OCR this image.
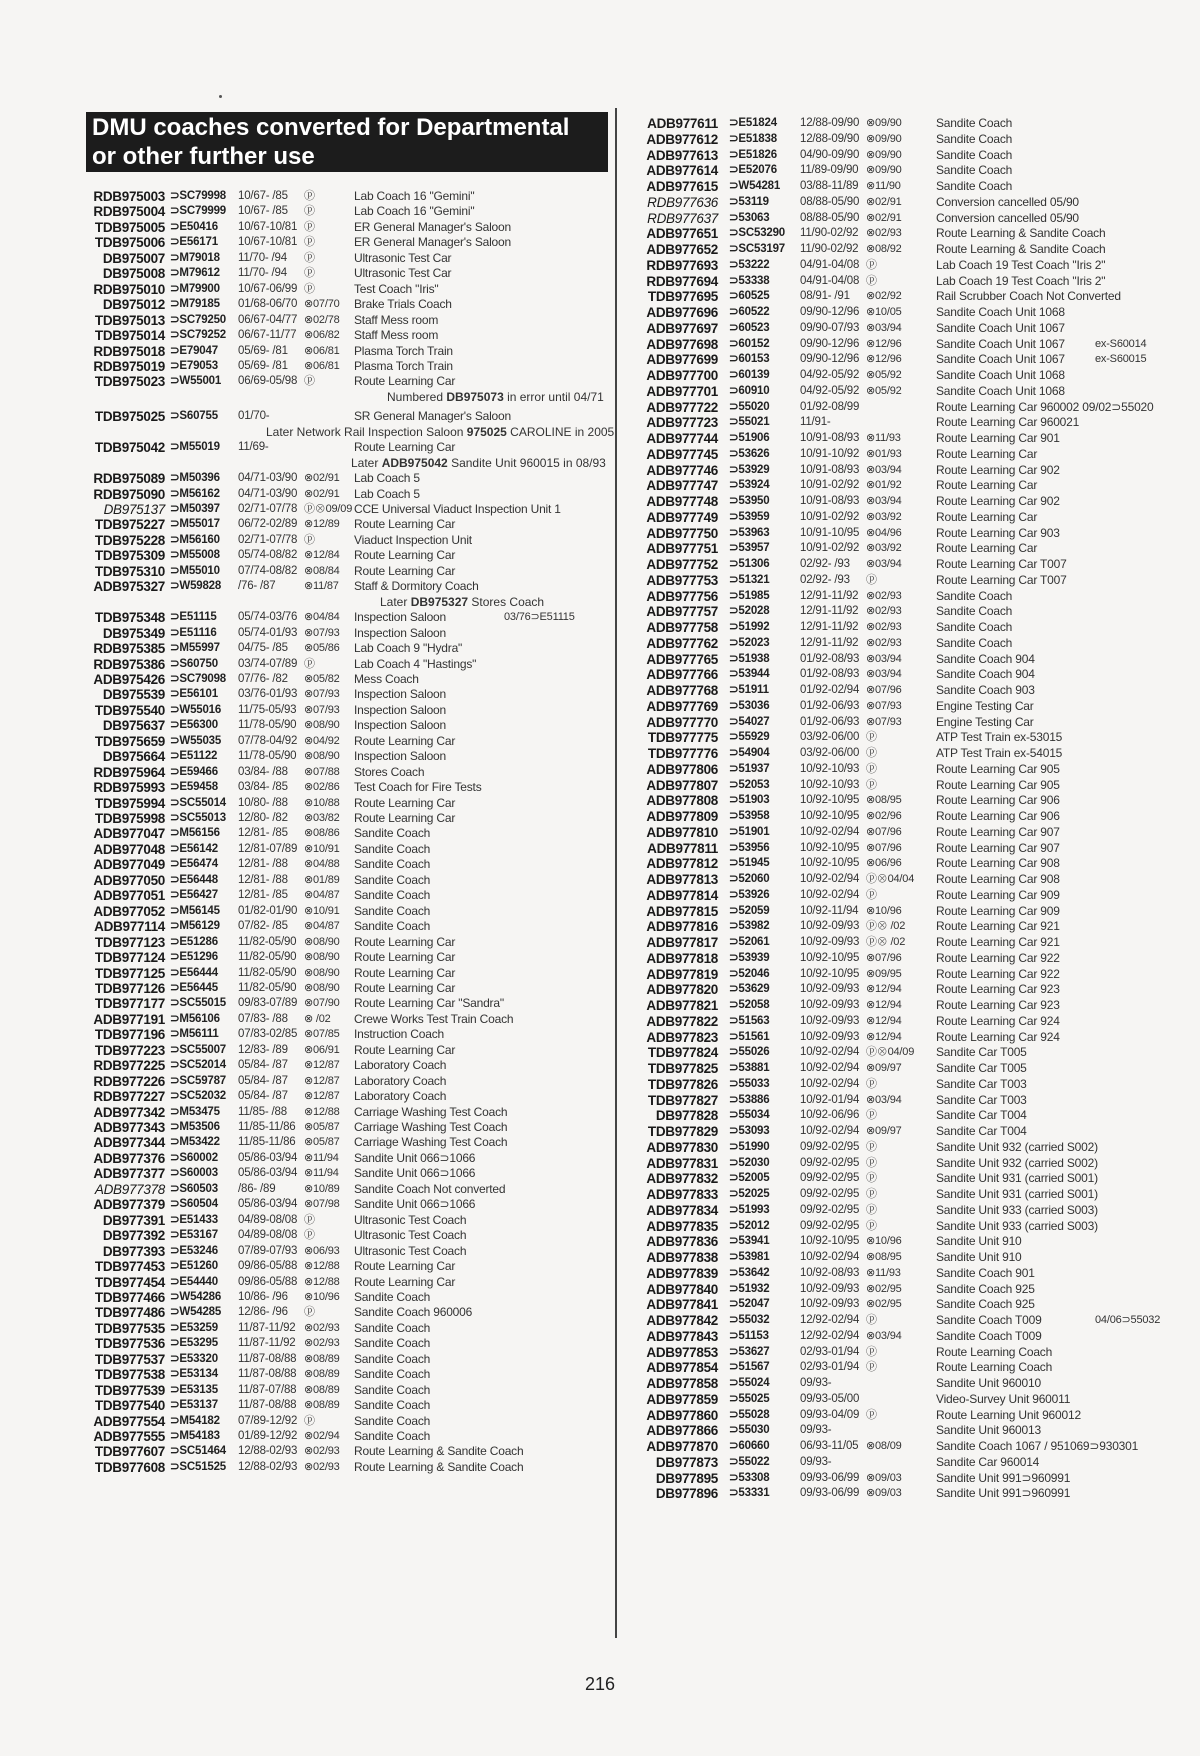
DMU coaches converted for Departmental
or other further use
RDB975003 ⊃SC79998 10/67- /85 ⓟ	Lab Coach 16 "Gemini"
RDB975004 ⊃SC79999 10/67- /85 ⓟ	Lab Coach 16 "Gemini"
TDB975005 ⊃E50416 10/67-10/81 ⓟ	ER General Manager's Saloon
TDB975006 ⊃E56171 10/67-10/81 ⓟ	ER General Manager's Saloon
DB975007 ⊃M79018 11/70- /94 ⓟ	Ultrasonic Test Car
DB975008 ⊃M79612 11/70- /94 ⓟ	Ultrasonic Test Car
RDB975010 ⊃M79900 10/67-06/99 ⓟ	Test Coach "Iris"
DB975012 ⊃M79185 01/68-06/70 ⊗07/70 Brake Trials Coach
TDB975013 ⊃SC79250 06/67-04/77 ⊗02/78 Staff Mess room
TDB975014 ⊃SC79252 06/67-11/77 ⊗06/82 Staff Mess room
RDB975018 ⊃E79047 05/69- /81 ⊗06/81 Plasma Torch Train
RDB975019 ⊃E79053 05/69- /81 ⊗06/81 Plasma Torch Train
TDB975023 ⊃W55001 06/69-05/98 ⓟ	Route Learning Car
Numbered DB975073 in error until 04/71
TDB975025 ⊃S60755 01/70-	SR General Manager's Saloon
Later Network Rail Inspection Saloon 975025 CAROLINE in 2005
TDB975042 ⊃M55019 11/69-	Route Learning Car
Later ADB975042 Sandite Unit 960015 in 08/93
RDB975089 ⊃M50396 04/71-03/90 ⊗02/91 Lab Coach 5
RDB975090 ⊃M56162 04/71-03/90 ⊗02/91 Lab Coach 5
DB975137 ⊃M50397 02/71-07/78 ⓟ⊗09/09 CCE Universal Viaduct Inspection Unit 1
TDB975227 ⊃M55017 06/72-02/89 ⊗12/89 Route Learning Car
TDB975228 ⊃M56160 02/71-07/78 ⓟ	Viaduct Inspection Unit
TDB975309 ⊃M55008 05/74-08/82 ⊗12/84 Route Learning Car
TDB975310 ⊃M55010 07/74-08/82 ⊗08/84 Route Learning Car
ADB975327 ⊃W59828 /76- /87	⊗11/87 Staff & Dormitory Coach
Later DB975327 Stores Coach
TDB975348 ⊃E51115 05/74-03/76 ⊗04/84 Inspection Saloon	03/76⊃E51115
DB975349 ⊃E51116 05/74-01/93 ⊗07/93 Inspection Saloon
RDB975385 ⊃M55997 04/75- /85 ⊗05/86 Lab Coach 9 "Hydra"
RDB975386 ⊃S60750 03/74-07/89 ⓟ	Lab Coach 4 "Hastings"
ADB975426 ⊃SC79098 07/76- /82 ⊗05/82 Mess Coach
DB975539 ⊃E56101 03/76-01/93 ⊗07/93 Inspection Saloon
TDB975540 ⊃W55016 11/75-05/93 ⊗07/93 Inspection Saloon
DB975637 ⊃E56300 11/78-05/90 ⊗08/90 Inspection Saloon
TDB975659 ⊃W55035 07/78-04/92 ⊗04/92 Route Learning Car
DB975664 ⊃E51122 11/78-05/90 ⊗08/90 Inspection Saloon
RDB975964 ⊃E59466 03/84- /88 ⊗07/88 Stores Coach
RDB975993 ⊃E59458 03/84- /85 ⊗02/86 Test Coach for Fire Tests
TDB975994 ⊃SC55014 10/80- /88 ⊗10/88 Route Learning Car
TDB975998 ⊃SC55013 12/80- /82 ⊗03/82 Route Learning Car
ADB977047 ⊃M56156 12/81- /85 ⊗08/86 Sandite Coach
ADB977048 ⊃E56142 12/81-07/89 ⊗10/91 Sandite Coach
ADB977049 ⊃E56474 12/81- /88 ⊗04/88 Sandite Coach
ADB977050 ⊃E56448 12/81- /88 ⊗01/89 Sandite Coach
ADB977051 ⊃E56427 12/81- /85 ⊗04/87 Sandite Coach
ADB977052 ⊃M56145 01/82-01/90 ⊗10/91 Sandite Coach
ADB977114 ⊃M56129 07/82- /85 ⊗04/87 Sandite Coach
TDB977123 ⊃E51286 11/82-05/90 ⊗08/90 Route Learning Car
TDB977124 ⊃E51296 11/82-05/90 ⊗08/90 Route Learning Car
TDB977125 ⊃E56444 11/82-05/90 ⊗08/90 Route Learning Car
TDB977126 ⊃E56445 11/82-05/90 ⊗08/90 Route Learning Car
TDB977177 ⊃SC55015 09/83-07/89 ⊗07/90 Route Learning Car "Sandra"
ADB977191 ⊃M56106 07/83- /88 ⊗ /02 Crewe Works Test Train Coach
TDB977196 ⊃M56111 07/83-02/85 ⊗07/85 Instruction Coach
TDB977223 ⊃SC55007 12/83- /89 ⊗06/91 Route Learning Car
RDB977225 ⊃SC52014 05/84- /87 ⊗12/87 Laboratory Coach
RDB977226 ⊃SC59787 05/84- /87 ⊗12/87 Laboratory Coach
RDB977227 ⊃SC52032 05/84- /87 ⊗12/87 Laboratory Coach
ADB977342 ⊃M53475 11/85- /88 ⊗12/88 Carriage Washing Test Coach
ADB977343 ⊃M53506 11/85-11/86 ⊗05/87 Carriage Washing Test Coach
ADB977344 ⊃M53422 11/85-11/86 ⊗05/87 Carriage Washing Test Coach
ADB977376 ⊃S60002 05/86-03/94 ⊗11/94 Sandite Unit 066⊃1066
ADB977377 ⊃S60003 05/86-03/94 ⊗11/94 Sandite Unit 066⊃1066
ADB977378 ⊃S60503 /86- /89	⊗10/89 Sandite Coach Not converted
ADB977379 ⊃S60504 05/86-03/94 ⊗07/98 Sandite Unit 066⊃1066
DB977391 ⊃E51433 04/89-08/08 ⓟ	Ultrasonic Test Coach
DB977392 ⊃E53167 04/89-08/08 ⓟ	Ultrasonic Test Coach
DB977393 ⊃E53246 07/89-07/93 ⊗06/93 Ultrasonic Test Coach
TDB977453 ⊃E51260 09/86-05/88 ⊗12/88 Route Learning Car
TDB977454 ⊃E54440 09/86-05/88 ⊗12/88 Route Learning Car
TDB977466 ⊃W54286 10/86- /96 ⊗10/96 Sandite Coach
TDB977486 ⊃W54285 12/86- /96 ⓟ	Sandite Coach 960006
TDB977535 ⊃E53259 11/87-11/92 ⊗02/93 Sandite Coach
TDB977536 ⊃E53295 11/87-11/92 ⊗02/93 Sandite Coach
TDB977537 ⊃E53320 11/87-08/88 ⊗08/89 Sandite Coach
TDB977538 ⊃E53134 11/87-08/88 ⊗08/89 Sandite Coach
TDB977539 ⊃E53135 11/87-07/88 ⊗08/89 Sandite Coach
TDB977540 ⊃E53137 11/87-08/88 ⊗08/89 Sandite Coach
ADB977554 ⊃M54182 07/89-12/92 ⓟ	Sandite Coach
ADB977555 ⊃M54183 01/89-12/92 ⊗02/94 Sandite Coach
TDB977607 ⊃SC51464 12/88-02/93 ⊗02/93 Route Learning & Sandite Coach
TDB977608 ⊃SC51525 12/88-02/93 ⊗02/93 Route Learning & Sandite Coach
ADB977611 ⊃E51824 12/88-09/90 ⊗09/90	Sandite Coach
ADB977612 ⊃E51838 12/88-09/90 ⊗09/90	Sandite Coach
ADB977613 ⊃E51826 04/90-09/90 ⊗09/90	Sandite Coach
ADB977614 ⊃E52076 11/89-09/90 ⊗09/90	Sandite Coach
ADB977615 ⊃W54281 03/88-11/89 ⊗11/90	Sandite Coach
RDB977636 ⊃53119	08/88-05/90 ⊗02/91	Conversion cancelled 05/90
RDB977637 ⊃53063	08/88-05/90 ⊗02/91	Conversion cancelled 05/90
ADB977651 ⊃SC53290 11/90-02/92 ⊗02/93	Route Learning & Sandite Coach
ADB977652 ⊃SC53197 11/90-02/92 ⊗08/92	Route Learning & Sandite Coach
RDB977693 ⊃53222	04/91-04/08 ⓟ	Lab Coach 19 Test Coach "Iris 2"
RDB977694 ⊃53338	04/91-04/08 ⓟ	Lab Coach 19 Test Coach "Iris 2"
TDB977695 ⊃60525	08/91- /91 ⊗02/92	Rail Scrubber Coach Not Converted
ADB977696 ⊃60522	09/90-12/96 ⊗10/05	Sandite Coach Unit 1068
ADB977697 ⊃60523	09/90-07/93 ⊗03/94	Sandite Coach Unit 1067
ADB977698 ⊃60152	09/90-12/96 ⊗12/96	Sandite Coach Unit 1067	ex-S60014
ADB977699 ⊃60153	09/90-12/96 ⊗12/96	Sandite Coach Unit 1067	ex-S60015
ADB977700 ⊃60139	04/92-05/92 ⊗05/92	Sandite Coach Unit 1068
ADB977701 ⊃60910	04/92-05/92 ⊗05/92	Sandite Coach Unit 1068
ADB977722 ⊃55020	01/92-08/99	Route Learning Car 960002 09/02⊃55020
ADB977723 ⊃55021	11/91-	Route Learning Car 960021
ADB977744 ⊃51906	10/91-08/93 ⊗11/93	Route Learning Car 901
ADB977745 ⊃53626	10/91-10/92 ⊗01/93	Route Learning Car
ADB977746 ⊃53929	10/91-08/93 ⊗03/94	Route Learning Car 902
ADB977747 ⊃53924	10/91-02/92 ⊗01/92	Route Learning Car
ADB977748 ⊃53950	10/91-08/93 ⊗03/94	Route Learning Car 902
ADB977749 ⊃53959	10/91-02/92 ⊗03/92	Route Learning Car
ADB977750 ⊃53963	10/91-10/95 ⊗04/96	Route Learning Car 903
ADB977751 ⊃53957	10/91-02/92 ⊗03/92	Route Learning Car
ADB977752 ⊃51306	02/92- /93 ⊗03/94	Route Learning Car T007
ADB977753 ⊃51321	02/92- /93 ⓟ	Route Learning Car T007
ADB977756 ⊃51985	12/91-11/92 ⊗02/93	Sandite Coach
ADB977757 ⊃52028	12/91-11/92 ⊗02/93	Sandite Coach
ADB977758 ⊃51992	12/91-11/92 ⊗02/93	Sandite Coach
ADB977762 ⊃52023	12/91-11/92 ⊗02/93	Sandite Coach
ADB977765 ⊃51938	01/92-08/93 ⊗03/94	Sandite Coach 904
ADB977766 ⊃53944	01/92-08/93 ⊗03/94	Sandite Coach 904
ADB977768 ⊃51911	01/92-02/94 ⊗07/96	Sandite Coach 903
ADB977769 ⊃53036	01/92-06/93 ⊗07/93	Engine Testing Car
ADB977770 ⊃54027	01/92-06/93 ⊗07/93	Engine Testing Car
TDB977775 ⊃55929	03/92-06/00 ⓟ	ATP Test Train ex-53015
TDB977776 ⊃54904	03/92-06/00 ⓟ	ATP Test Train ex-54015
ADB977806 ⊃51937	10/92-10/93 ⓟ	Route Learning Car 905
ADB977807 ⊃52053	10/92-10/93 ⓟ	Route Learning Car 905
ADB977808 ⊃51903	10/92-10/95 ⊗08/95	Route Learning Car 906
ADB977809 ⊃53958	10/92-10/95 ⊗02/96	Route Learning Car 906
ADB977810 ⊃51901	10/92-02/94 ⊗07/96	Route Learning Car 907
ADB977811 ⊃53956	10/92-10/95 ⊗07/96	Route Learning Car 907
ADB977812 ⊃51945	10/92-10/95 ⊗06/96	Route Learning Car 908
ADB977813 ⊃52060	10/92-02/94 ⓟ⊗04/04 Route Learning Car 908
ADB977814 ⊃53926	10/92-02/94 ⓟ	Route Learning Car 909
ADB977815 ⊃52059	10/92-11/94 ⊗10/96	Route Learning Car 909
ADB977816 ⊃53982	10/92-09/93 ⓟ⊗ /02	Route Learning Car 921
ADB977817 ⊃52061	10/92-09/93 ⓟ⊗ /02	Route Learning Car 921
ADB977818 ⊃53939	10/92-10/95 ⊗07/96	Route Learning Car 922
ADB977819 ⊃52046	10/92-10/95 ⊗09/95	Route Learning Car 922
ADB977820 ⊃53629	10/92-09/93 ⊗12/94	Route Learning Car 923
ADB977821 ⊃52058	10/92-09/93 ⊗12/94	Route Learning Car 923
ADB977822 ⊃51563	10/92-09/93 ⊗12/94	Route Learning Car 924
ADB977823 ⊃51561	10/92-09/93 ⊗12/94	Route Learning Car 924
TDB977824 ⊃55026	10/92-02/94 ⓟ⊗04/09 Sandite Car T005
TDB977825 ⊃53881	10/92-02/94 ⊗09/97	Sandite Car T005
TDB977826 ⊃55033	10/92-02/94 ⓟ	Sandite Car T003
TDB977827 ⊃53886	10/92-01/94 ⊗03/94	Sandite Car T003
DB977828 ⊃55034	10/92-06/96 ⓟ	Sandite Car T004
TDB977829 ⊃53093	10/92-02/94 ⊗09/97	Sandite Car T004
ADB977830 ⊃51990	09/92-02/95 ⓟ	Sandite Unit 932 (carried S002)
ADB977831 ⊃52030	09/92-02/95 ⓟ	Sandite Unit 932 (carried S002)
ADB977832 ⊃52005	09/92-02/95 ⓟ	Sandite Unit 931 (carried S001)
ADB977833 ⊃52025	09/92-02/95 ⓟ	Sandite Unit 931 (carried S001)
ADB977834 ⊃51993	09/92-02/95 ⓟ	Sandite Unit 933 (carried S003)
ADB977835 ⊃52012	09/92-02/95 ⓟ	Sandite Unit 933 (carried S003)
ADB977836 ⊃53941	10/92-10/95 ⊗10/96	Sandite Unit 910
ADB977838 ⊃53981	10/92-02/94 ⊗08/95	Sandite Unit 910
ADB977839 ⊃53642	10/92-08/93 ⊗11/93	Sandite Coach 901
ADB977840 ⊃51932	10/92-09/93 ⊗02/95	Sandite Coach 925
ADB977841 ⊃52047	10/92-09/93 ⊗02/95	Sandite Coach 925
ADB977842 ⊃55032	12/92-02/94 ⓟ	Sandite Coach T009	04/06⊃55032
ADB977843 ⊃51153	12/92-02/94 ⊗03/94	Sandite Coach T009
ADB977853 ⊃53627	02/93-01/94 ⓟ	Route Learning Coach
ADB977854 ⊃51567	02/93-01/94 ⓟ	Route Learning Coach
ADB977858 ⊃55024	09/93-	Sandite Unit 960010
ADB977859 ⊃55025	09/93-05/00	Video-Survey Unit 960011
ADB977860 ⊃55028	09/93-04/09 ⓟ	Route Learning Unit 960012
ADB977866 ⊃55030	09/93-	Sandite Unit 960013
ADB977870 ⊃60660	06/93-11/05 ⊗08/09	Sandite Coach 1067 / 951069⊃930301
DB977873 ⊃55022	09/93-	Sandite Car 960014
DB977895 ⊃53308	09/93-06/99 ⊗09/03	Sandite Unit 991⊃960991
DB977896 ⊃53331	09/93-06/99 ⊗09/03	Sandite Unit 991⊃960991
216
